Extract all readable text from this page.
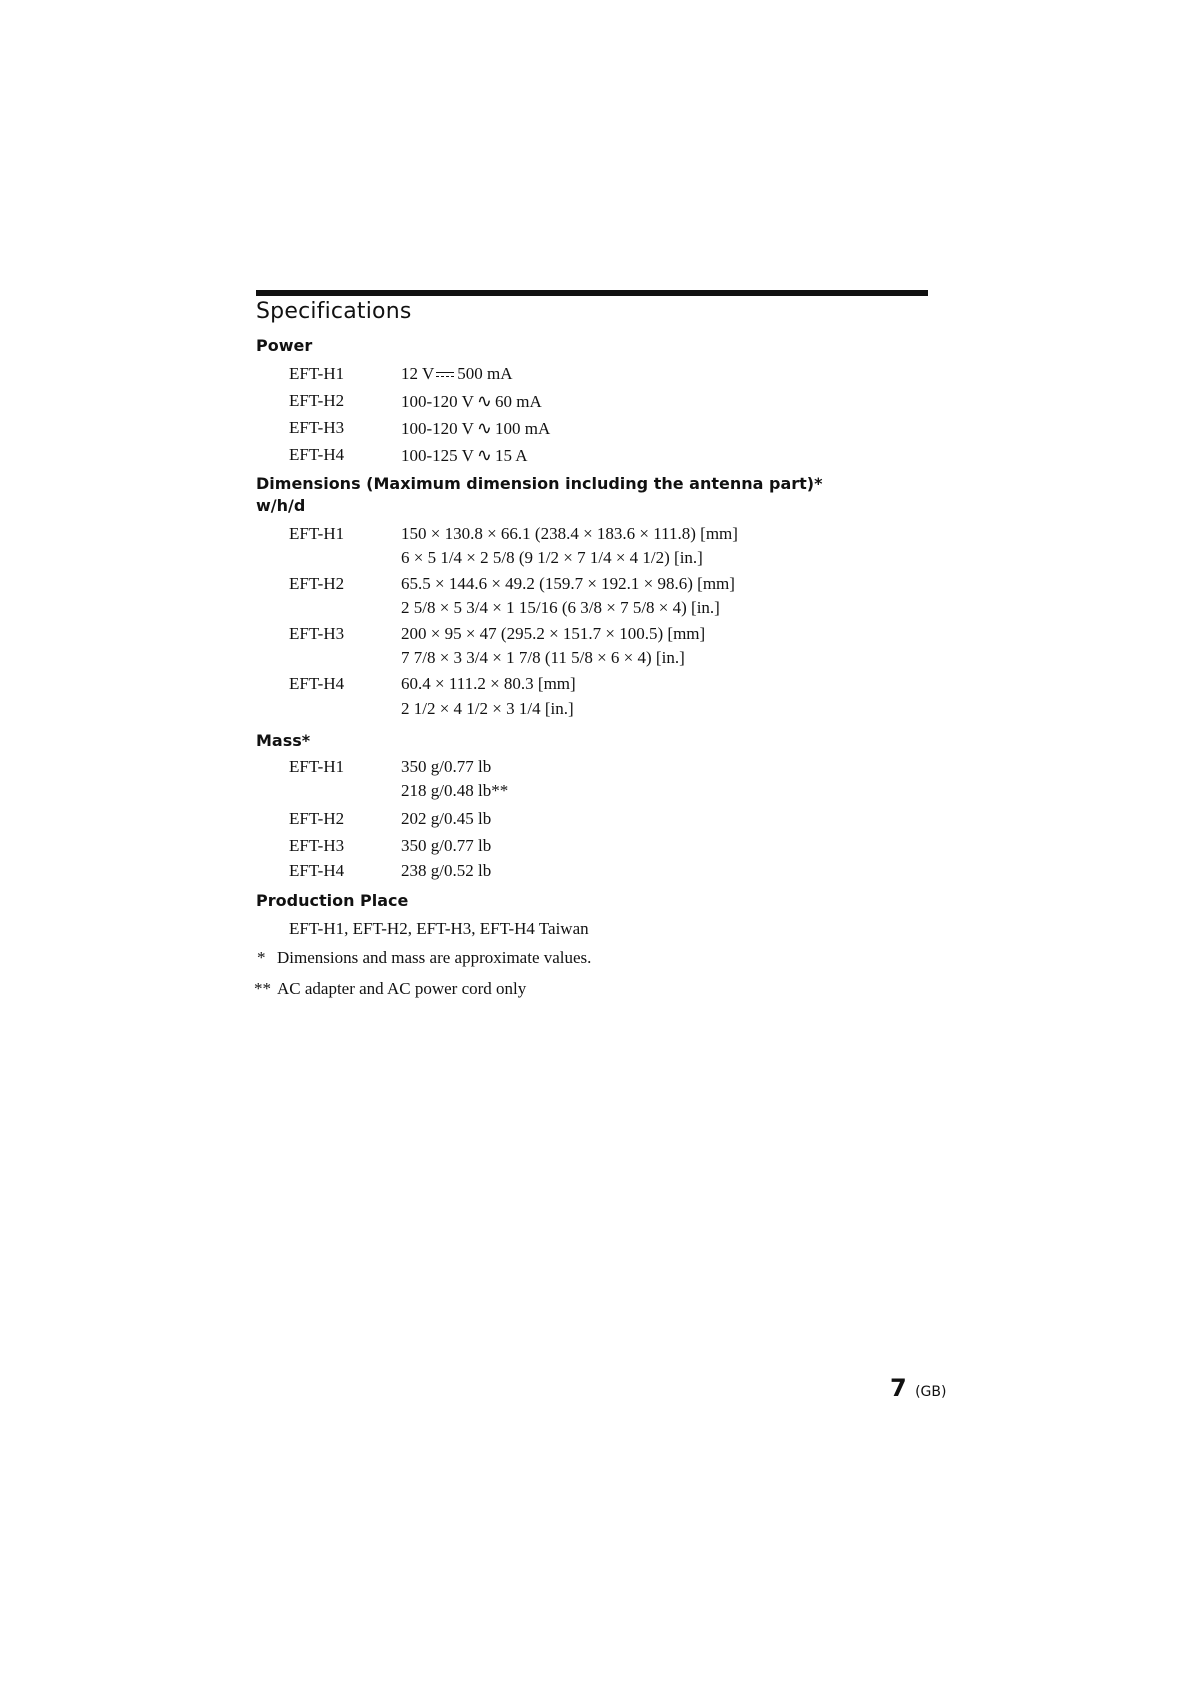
Specifications
Power
EFT-H1	12 V 500 mA
EFT-H2	100-120 V ∿ 60 mA
EFT-H3	100-120 V ∿ 100 mA
EFT-H4	100-125 V ∿ 15 A
Dimensions (Maximum dimension including the antenna part)*
w/h/d
EFT-H1	150 × 130.8 × 66.1 (238.4 × 183.6 × 111.8) [mm]
6 × 5 1/4 × 2 5/8 (9 1/2 × 7 1/4 × 4 1/2) [in.]
EFT-H2	65.5 × 144.6 × 49.2 (159.7 × 192.1 × 98.6) [mm]
2 5/8 × 5 3/4 × 1 15/16 (6 3/8 × 7 5/8 × 4) [in.]
EFT-H3	200 × 95 × 47 (295.2 × 151.7 × 100.5) [mm]
7 7/8 × 3 3/4 × 1 7/8 (11 5/8 × 6 × 4) [in.]
EFT-H4	60.4 × 111.2 × 80.3 [mm]
2 1/2 × 4 1/2 × 3 1/4 [in.]
Mass*
EFT-H1	350 g/0.77 lb
218 g/0.48 lb**
EFT-H2	202 g/0.45 lb
EFT-H3	350 g/0.77 lb
EFT-H4	238 g/0.52 lb
Production Place
EFT-H1, EFT-H2, EFT-H3, EFT-H4 Taiwan
* Dimensions and mass are approximate values.
** AC adapter and AC power cord only
7 (GB)
